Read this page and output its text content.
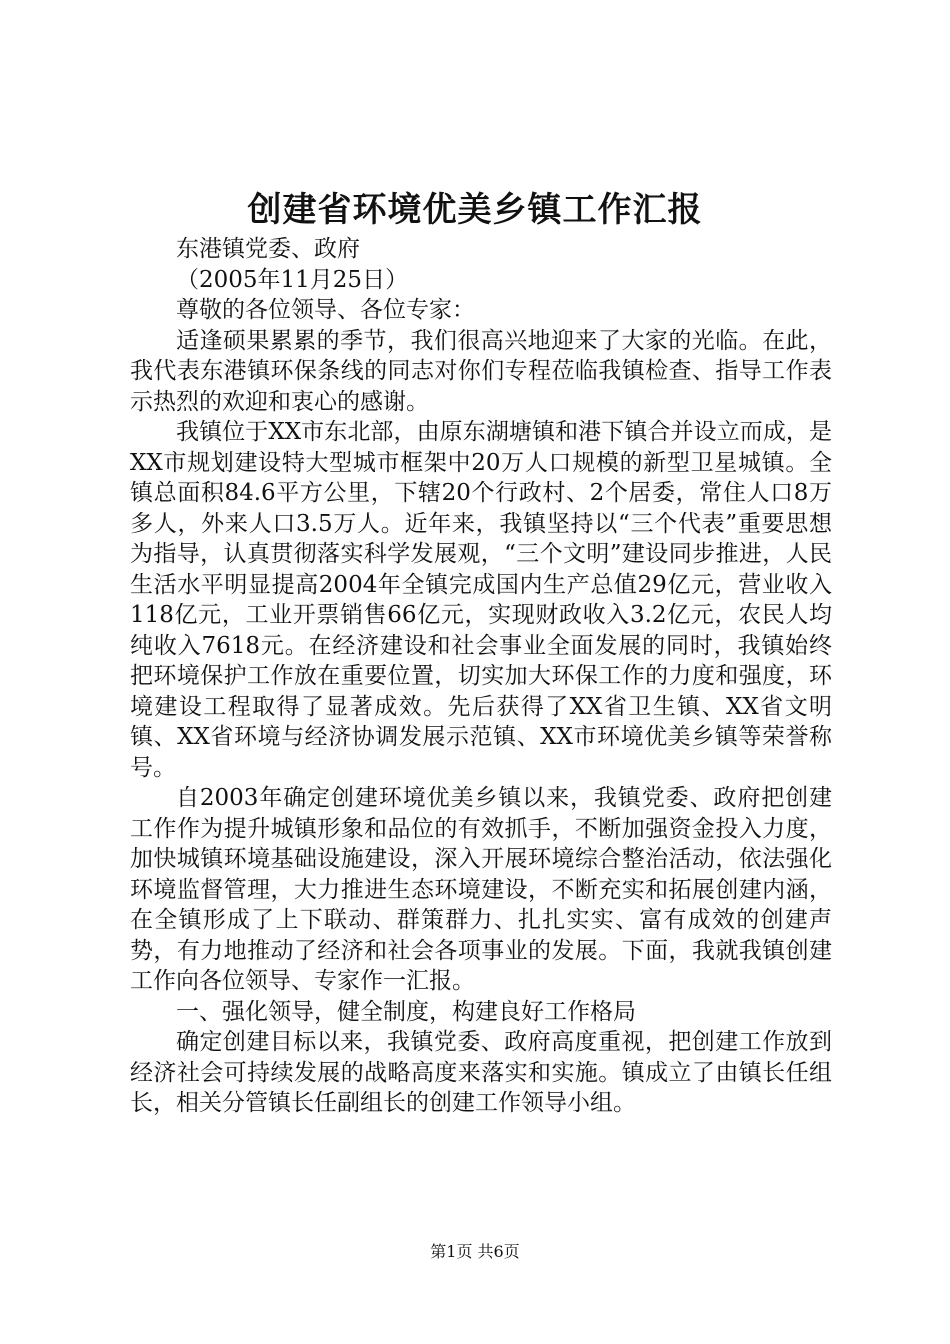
创建省环境优美乡镇工作汇报

东港镇党委、政府

（2005年11月25日）

尊敬的各位领导、各位专家：

适逢硕果累累的季节，我们很高兴地迎来了大家的光临。在此，我代表东港镇环保条线的同志对你们专程莅临我镇检查、指导工作表示热烈的欢迎和衷心的感谢。

我镇位于XX市东北部，由原东湖塘镇和港下镇合并设立而成，是XX市规划建设特大型城市框架中20万人口规模的新型卫星城镇。全镇总面积84.6平方公里，下辖20个行政村、2个居委，常住人口8万多人，外来人口3.5万人。近年来，我镇坚持以“三个代表”重要思想为指导，认真贯彻落实科学发展观，“三个文明”建设同步推进，人民生活水平明显提高2004年全镇完成国内生产总值29亿元，营业收入118亿元，工业开票销售66亿元，实现财政收入3.2亿元，农民人均纯收入7618元。在经济建设和社会事业全面发展的同时，我镇始终把环境保护工作放在重要位置，切实加大环保工作的力度和强度，环境建设工程取得了显著成效。先后获得了XX省卫生镇、XX省文明镇、XX省环境与经济协调发展示范镇、XX市环境优美乡镇等荣誉称号。

自2003年确定创建环境优美乡镇以来，我镇党委、政府把创建工作作为提升城镇形象和品位的有效抓手，不断加强资金投入力度，加快城镇环境基础设施建设，深入开展环境综合整治活动，依法强化环境监督管理，大力推进生态环境建设，不断充实和拓展创建内涵，在全镇形成了上下联动、群策群力、扎扎实实、富有成效的创建声势，有力地推动了经济和社会各项事业的发展。下面，我就我镇创建工作向各位领导、专家作一汇报。

一、强化领导，健全制度，构建良好工作格局

确定创建目标以来，我镇党委、政府高度重视，把创建工作放到经济社会可持续发展的战略高度来落实和实施。镇成立了由镇长任组长，相关分管镇长任副组长的创建工作领导小组。

第1页 共6页
